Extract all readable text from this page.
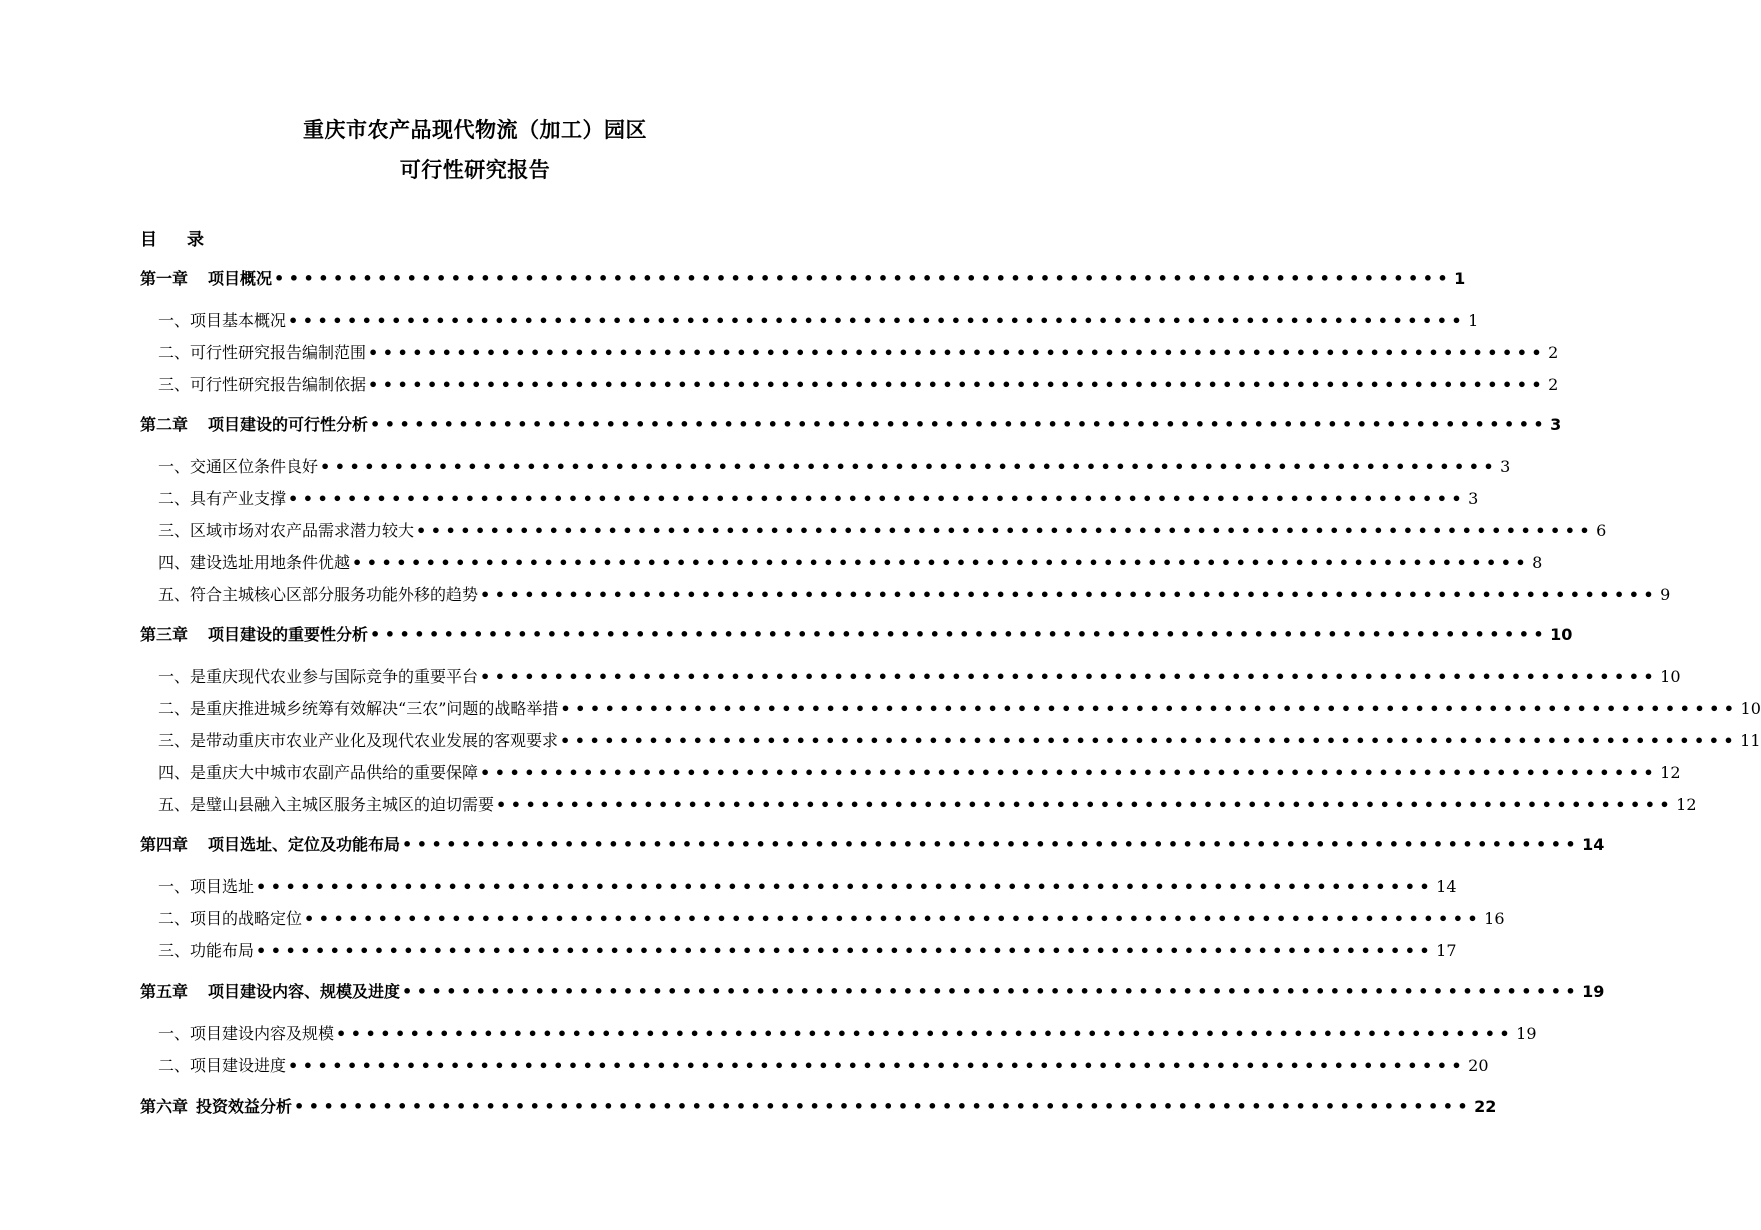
重庆市农产品现代物流（加工）园区
可行性研究报告
目 录
第一章 项目概况 •••••••••••••••••••••••••••••••••••••••••••••••••••••••••••••••••••••••••••••••• 1
一、项目基本概况 •••••••••••••••••••••••••••••••••••••••••••••••••••••••••••••••••••••••••••••••• 1
二、可行性研究报告编制范围 •••••••••••••••••••••••••••••••••••••••••••••••••••••••••••••••••••••••••••••••• 2
三、可行性研究报告编制依据 •••••••••••••••••••••••••••••••••••••••••••••••••••••••••••••••••••••••••••••••• 2
第二章 项目建设的可行性分析 •••••••••••••••••••••••••••••••••••••••••••••••••••••••••••••••••••••••••••••••• 3
一、交通区位条件良好 •••••••••••••••••••••••••••••••••••••••••••••••••••••••••••••••••••••••••••••••• 3
二、具有产业支撑 •••••••••••••••••••••••••••••••••••••••••••••••••••••••••••••••••••••••••••••••• 3
三、区域市场对农产品需求潜力较大 •••••••••••••••••••••••••••••••••••••••••••••••••••••••••••••••••••••••••••••••• 6
四、建设选址用地条件优越 •••••••••••••••••••••••••••••••••••••••••••••••••••••••••••••••••••••••••••••••• 8
五、符合主城核心区部分服务功能外移的趋势 •••••••••••••••••••••••••••••••••••••••••••••••••••••••••••••••••••••••••••••••• 9
第三章 项目建设的重要性分析 •••••••••••••••••••••••••••••••••••••••••••••••••••••••••••••••••••••••••••••••• 10
一、是重庆现代农业参与国际竞争的重要平台 •••••••••••••••••••••••••••••••••••••••••••••••••••••••••••••••••••••••••••••••• 10
二、是重庆推进城乡统筹有效解决“三农”问题的战略举措 •••••••••••••••••••••••••••••••••••••••••••••••••••••••••••••••••••••••••••••••• 10
三、是带动重庆市农业产业化及现代农业发展的客观要求 •••••••••••••••••••••••••••••••••••••••••••••••••••••••••••••••••••••••••••••••• 11
四、是重庆大中城市农副产品供给的重要保障 •••••••••••••••••••••••••••••••••••••••••••••••••••••••••••••••••••••••••••••••• 12
五、是璧山县融入主城区服务主城区的迫切需要 •••••••••••••••••••••••••••••••••••••••••••••••••••••••••••••••••••••••••••••••• 12
第四章 项目选址、定位及功能布局 •••••••••••••••••••••••••••••••••••••••••••••••••••••••••••••••••••••••••••••••• 14
一、项目选址 •••••••••••••••••••••••••••••••••••••••••••••••••••••••••••••••••••••••••••••••• 14
二、项目的战略定位 •••••••••••••••••••••••••••••••••••••••••••••••••••••••••••••••••••••••••••••••• 16
三、功能布局 •••••••••••••••••••••••••••••••••••••••••••••••••••••••••••••••••••••••••••••••• 17
第五章 项目建设内容、规模及进度 •••••••••••••••••••••••••••••••••••••••••••••••••••••••••••••••••••••••••••••••• 19
一、项目建设内容及规模 •••••••••••••••••••••••••••••••••••••••••••••••••••••••••••••••••••••••••••••••• 19
二、项目建设进度 •••••••••••••••••••••••••••••••••••••••••••••••••••••••••••••••••••••••••••••••• 20
第六章 投资效益分析 •••••••••••••••••••••••••••••••••••••••••••••••••••••••••••••••••••••••••••••••• 22
